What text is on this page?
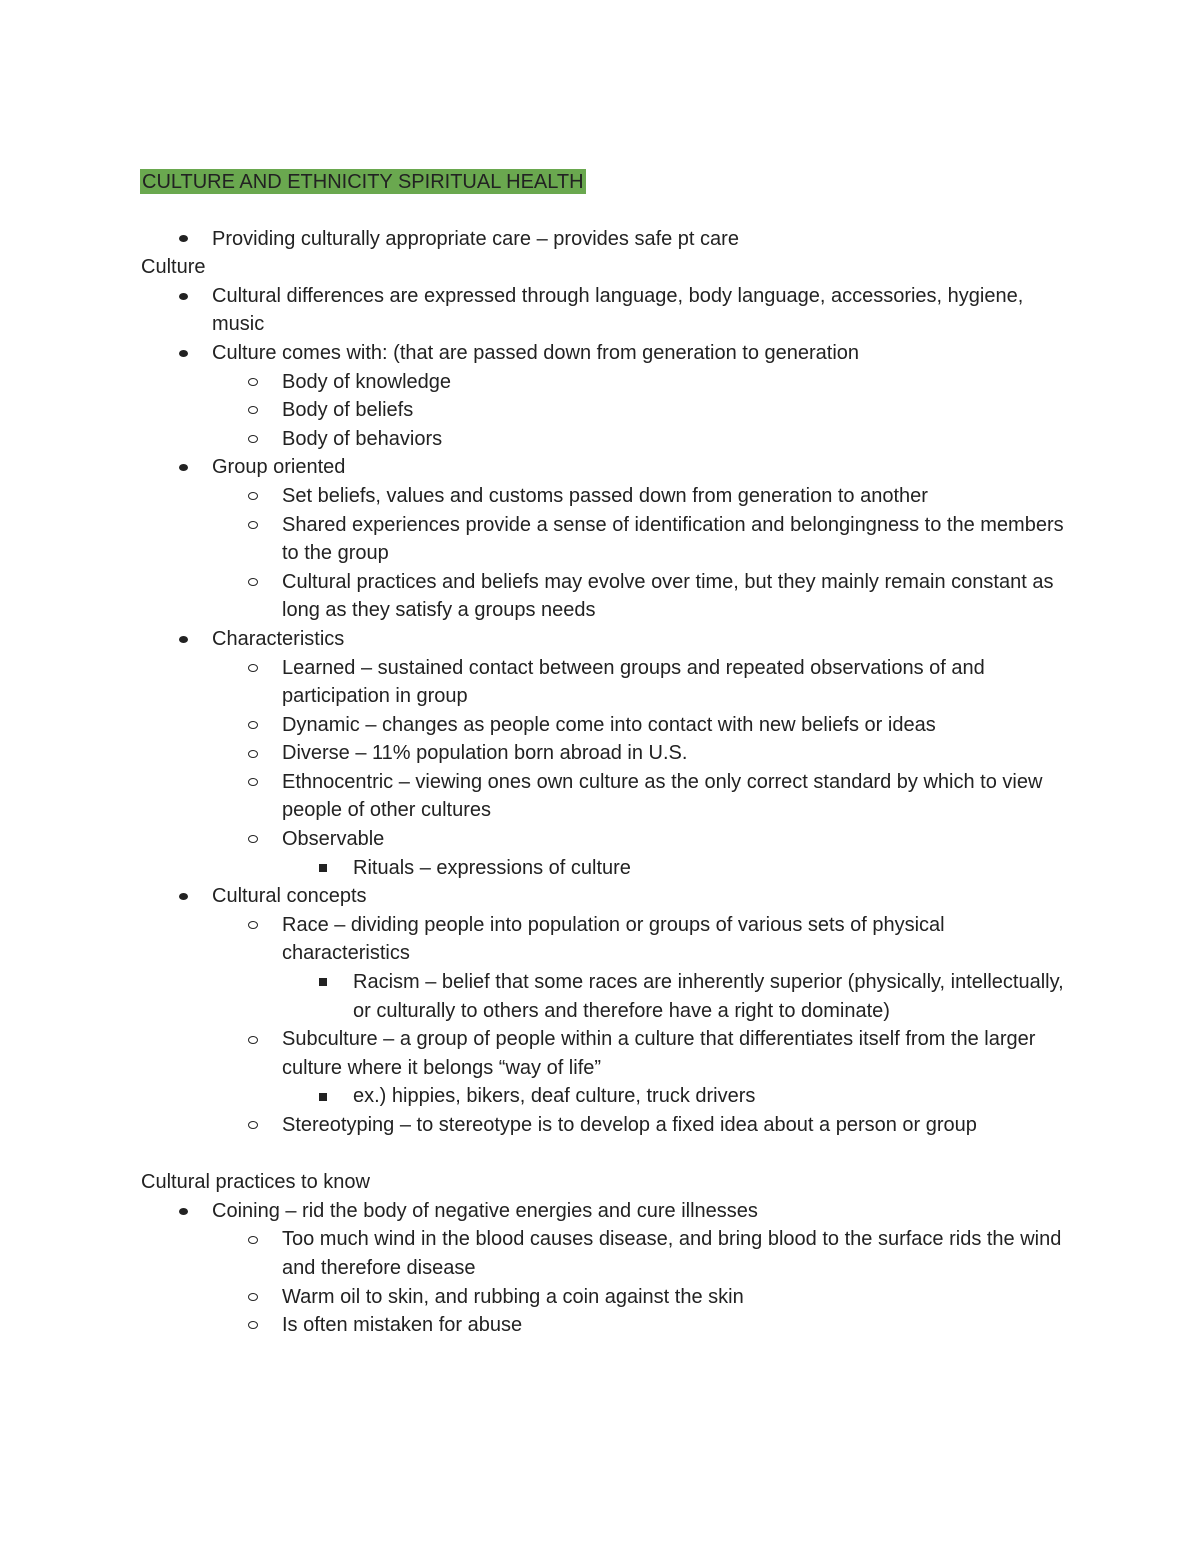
CULTURE AND ETHNICITY SPIRITUAL HEALTH
Providing culturally appropriate care – provides safe pt care
Culture
Cultural differences are expressed through language, body language, accessories, hygiene, music
Culture comes with: (that are passed down from generation to generation
Body of knowledge
Body of beliefs
Body of behaviors
Group oriented
Set beliefs, values and customs passed down from generation to another
Shared experiences provide a sense of identification and belongingness to the members to the group
Cultural practices and beliefs may evolve over time, but they mainly remain constant as long as they satisfy a groups needs
Characteristics
Learned – sustained contact between groups and repeated observations of and participation in group
Dynamic – changes as people come into contact with new beliefs or ideas
Diverse – 11% population born abroad in U.S.
Ethnocentric – viewing ones own culture as the only correct standard by which to view people of other cultures
Observable
Rituals – expressions of culture
Cultural concepts
Race – dividing people into population or groups of various sets of physical characteristics
Racism – belief that some races are inherently superior (physically, intellectually, or culturally to others and therefore have a right to dominate)
Subculture – a group of people within a culture that differentiates itself from the larger culture where it belongs “way of life”
ex.) hippies, bikers, deaf culture, truck drivers
Stereotyping – to stereotype is to develop a fixed idea about a person or group
Cultural practices to know
Coining – rid the body of negative energies and cure illnesses
Too much wind in the blood causes disease, and bring blood to the surface rids the wind and therefore disease
Warm oil to skin, and rubbing a coin against the skin
Is often mistaken for abuse
